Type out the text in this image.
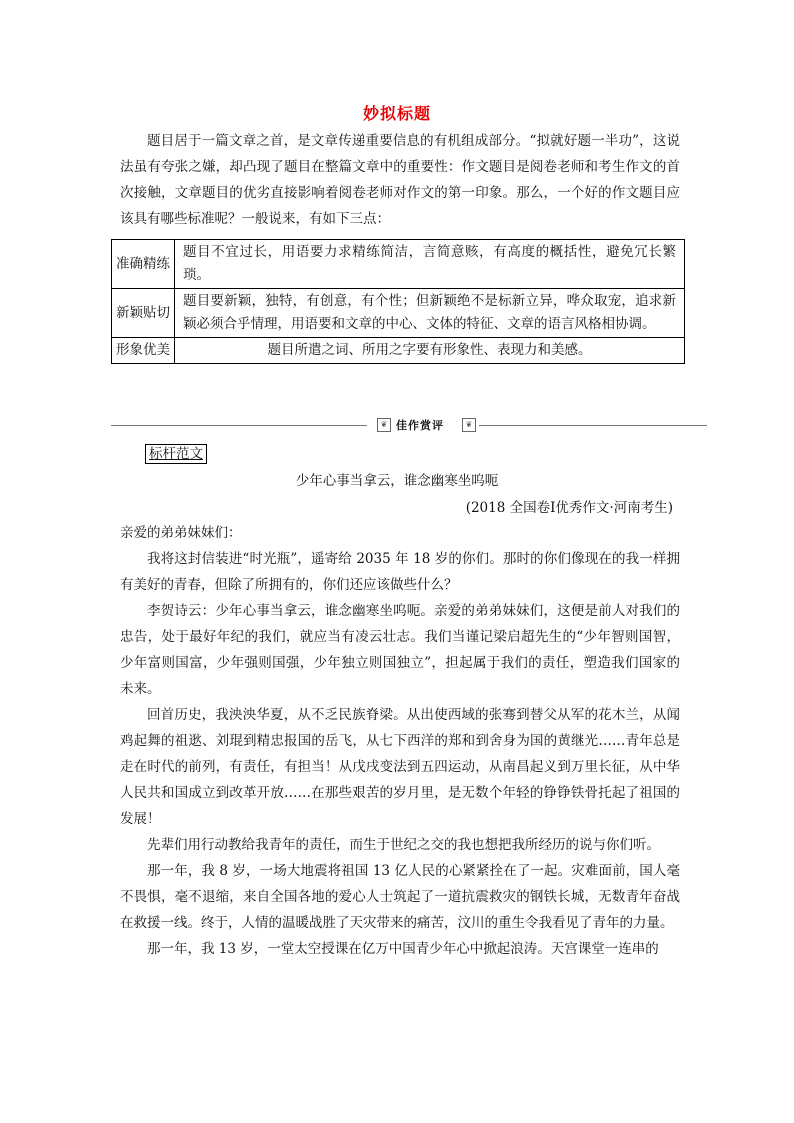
妙拟标题

题目居于一篇文章之首，是文章传递重要信息的有机组成部分。“拟就好题一半功”，这说法虽有夸张之嫌，却凸现了题目在整篇文章中的重要性：作文题目是阅卷老师和考生作文的首次接触，文章题目的优劣直接影响着阅卷老师对作文的第一印象。那么，一个好的作文题目应该具有哪些标准呢？一般说来，有如下三点：

准确精练	题目不宜过长，用语要力求精练简洁，言简意赅，有高度的概括性，避免冗长繁琐。
新颖贴切	题目要新颖，独特，有创意，有个性；但新颖绝不是标新立异，哗众取宠，追求新颖必须合乎情理，用语要和文章的中心、文体的特征、文章的语言风格相协调。
形象优美	题目所遣之词、所用之字要有形象性、表现力和美感。
❦ 佳作赏评	❦
标杆范文
少年心事当拿云，谁念幽寒坐呜呃
(2018 全国卷Ⅰ优秀作文·河南考生)

亲爱的弟弟妹妹们：

我将这封信装进“时光瓶”，遥寄给 2035 年 18 岁的你们。那时的你们像现在的我一样拥有美好的青春，但除了所拥有的，你们还应该做些什么？

李贺诗云：少年心事当拿云，谁念幽寒坐呜呃。亲爱的弟弟妹妹们，这便是前人对我们的忠告，处于最好年纪的我们，就应当有凌云壮志。我们当谨记梁启超先生的“少年智则国智，少年富则国富，少年强则国强，少年独立则国独立”，担起属于我们的责任，塑造我们国家的未来。

回首历史，我泱泱华夏，从不乏民族脊梁。从出使西域的张骞到替父从军的花木兰，从闻鸡起舞的祖逖、刘琨到精忠报国的岳飞，从七下西洋的郑和到舍身为国的黄继光……青年总是走在时代的前列，有责任，有担当！从戊戌变法到五四运动，从南昌起义到万里长征，从中华人民共和国成立到改革开放……在那些艰苦的岁月里，是无数个年轻的铮铮铁骨托起了祖国的发展！

先辈们用行动教给我青年的责任，而生于世纪之交的我也想把我所经历的说与你们听。

那一年，我 8 岁，一场大地震将祖国 13 亿人民的心紧紧拴在了一起。灾难面前，国人毫不畏惧，毫不退缩，来自全国各地的爱心人士筑起了一道抗震救灾的钢铁长城，无数青年奋战在救援一线。终于，人情的温暖战胜了天灾带来的痛苦，汶川的重生令我看见了青年的力量。

那一年，我 13 岁，一堂太空授课在亿万中国青少年心中掀起浪涛。天宫课堂一连串的
